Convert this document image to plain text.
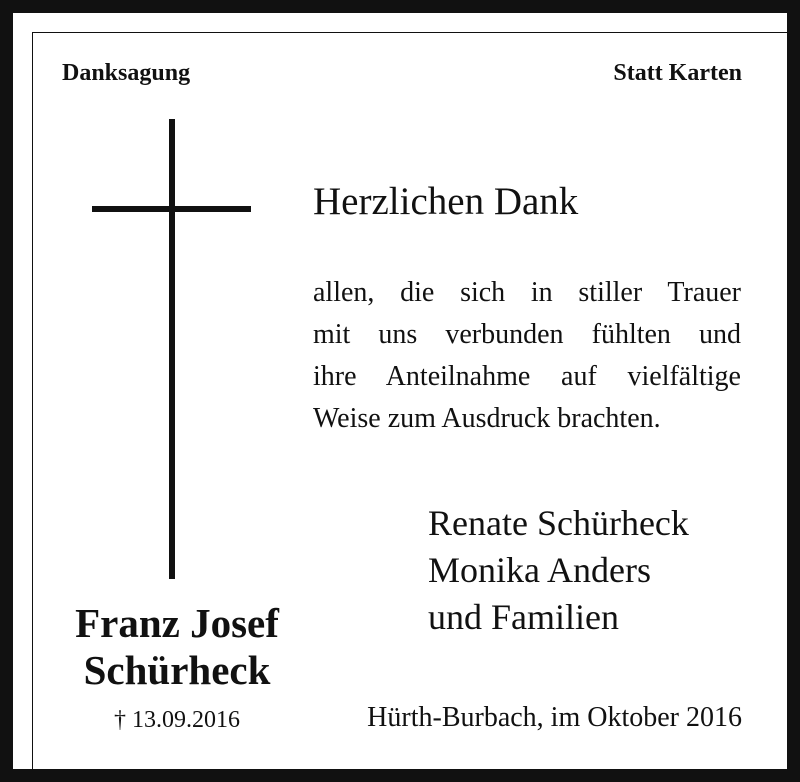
Danksagung	Statt Karten
Herzlichen Dank
allen, die sich in stiller Trauer
mit uns verbunden fühlten und
ihre Anteilnahme auf vielfältige
Weise zum Ausdruck brachten.
Renate Schürheck
Monika Anders
und Familien
Franz Josef
Schürheck
† 13.09.2016	Hürth-Burbach, im Oktober 2016
